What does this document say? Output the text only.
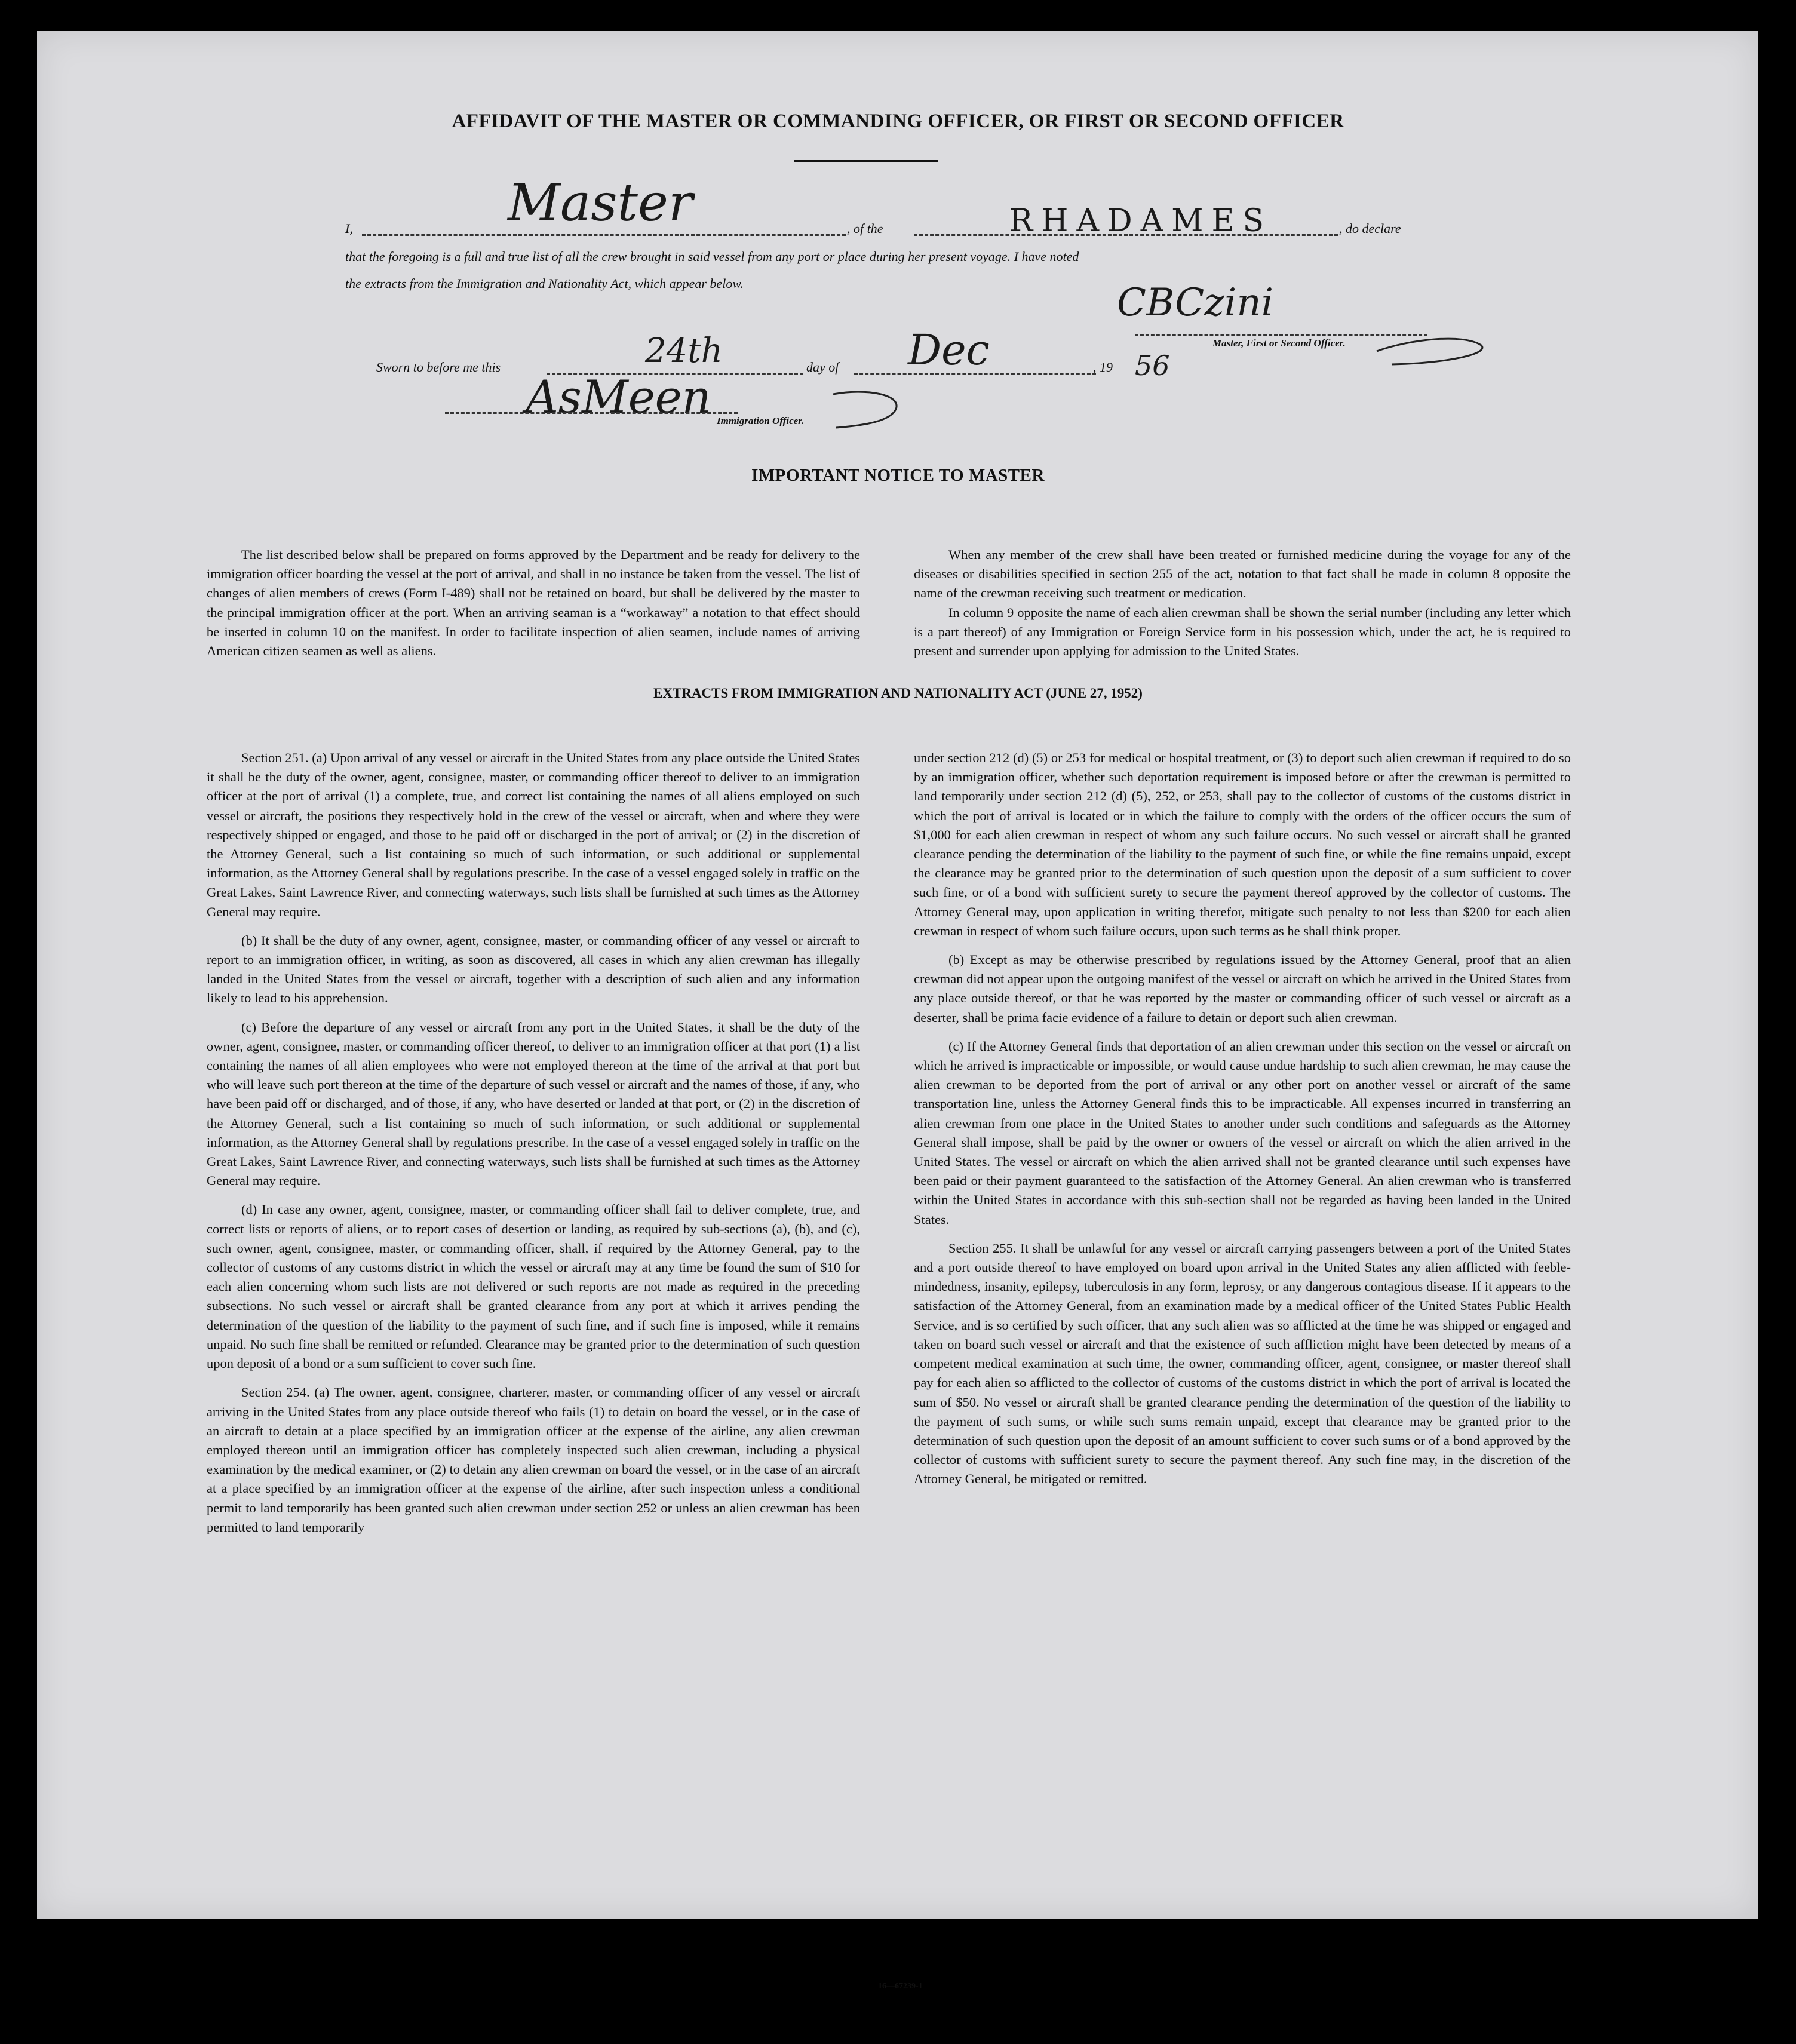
AFFIDAVIT OF THE MASTER OR COMMANDING OFFICER, OR FIRST OR SECOND OFFICER
I,	Master	, of the	RHADAMES	, do declare
that the foregoing is a full and true list of all the crew brought in said vessel from any port or place during her present voyage. I have noted
the extracts from the Immigration and Nationality Act, which appear below.	CBCzini
Master, First or Second Officer.
Sworn to before me this	24th	day of Dec	, 19 56
AsMeen Immigration Officer.
IMPORTANT NOTICE TO MASTER

The list described below shall be prepared on forms approved by the Department and be ready for delivery to the immigration officer boarding the vessel at the port of arrival, and shall in no instance be taken from the vessel. The list of changes of alien members of crews (Form I-489) shall not be retained on board, but shall be delivered by the master to the principal immigration officer at the port. When an arriving seaman is a “workaway” a notation to that effect should be inserted in column 10 on the manifest. In order to facilitate inspection of alien seamen, include names of arriving American citizen seamen as well as aliens.

When any member of the crew shall have been treated or furnished medicine during the voyage for any of the diseases or disabilities specified in section 255 of the act, notation to that fact shall be made in column 8 opposite the name of the crewman receiving such treatment or medication.

In column 9 opposite the name of each alien crewman shall be shown the serial number (including any letter which is a part thereof) of any Immigration or Foreign Service form in his possession which, under the act, he is required to present and surrender upon applying for admission to the United States.

EXTRACTS FROM IMMIGRATION AND NATIONALITY ACT (JUNE 27, 1952)

Section 251. (a) Upon arrival of any vessel or aircraft in the United States from any place outside the United States it shall be the duty of the owner, agent, consignee, master, or commanding officer thereof to deliver to an immigration officer at the port of arrival (1) a complete, true, and correct list containing the names of all aliens employed on such vessel or aircraft, the positions they respectively hold in the crew of the vessel or aircraft, when and where they were respectively shipped or engaged, and those to be paid off or discharged in the port of arrival; or (2) in the discretion of the Attorney General, such a list containing so much of such information, or such additional or supplemental information, as the Attorney General shall by regulations prescribe. In the case of a vessel engaged solely in traffic on the Great Lakes, Saint Lawrence River, and connecting waterways, such lists shall be furnished at such times as the Attorney General may require.

(b) It shall be the duty of any owner, agent, consignee, master, or commanding officer of any vessel or aircraft to report to an immigration officer, in writing, as soon as discovered, all cases in which any alien crewman has illegally landed in the United States from the vessel or aircraft, together with a description of such alien and any information likely to lead to his apprehension.

(c) Before the departure of any vessel or aircraft from any port in the United States, it shall be the duty of the owner, agent, consignee, master, or commanding officer thereof, to deliver to an immigration officer at that port (1) a list containing the names of all alien employees who were not employed thereon at the time of the arrival at that port but who will leave such port thereon at the time of the departure of such vessel or aircraft and the names of those, if any, who have been paid off or discharged, and of those, if any, who have deserted or landed at that port, or (2) in the discretion of the Attorney General, such a list containing so much of such information, or such additional or supplemental information, as the Attorney General shall by regulations prescribe. In the case of a vessel engaged solely in traffic on the Great Lakes, Saint Lawrence River, and connecting waterways, such lists shall be furnished at such times as the Attorney General may require.

(d) In case any owner, agent, consignee, master, or commanding officer shall fail to deliver complete, true, and correct lists or reports of aliens, or to report cases of desertion or landing, as required by sub-sections (a), (b), and (c), such owner, agent, consignee, master, or commanding officer, shall, if required by the Attorney General, pay to the collector of customs of any customs district in which the vessel or aircraft may at any time be found the sum of $10 for each alien concerning whom such lists are not delivered or such reports are not made as required in the preceding subsections. No such vessel or aircraft shall be granted clearance from any port at which it arrives pending the determination of the question of the liability to the payment of such fine, and if such fine is imposed, while it remains unpaid. No such fine shall be remitted or refunded. Clearance may be granted prior to the determination of such question upon deposit of a bond or a sum sufficient to cover such fine.

Section 254. (a) The owner, agent, consignee, charterer, master, or commanding officer of any vessel or aircraft arriving in the United States from any place outside thereof who fails (1) to detain on board the vessel, or in the case of an aircraft to detain at a place specified by an immigration officer at the expense of the airline, any alien crewman employed thereon until an immigration officer has completely inspected such alien crewman, including a physical examination by the medical examiner, or (2) to detain any alien crewman on board the vessel, or in the case of an aircraft at a place specified by an immigration officer at the expense of the airline, after such inspection unless a conditional permit to land temporarily has been granted such alien crewman under section 252 or unless an alien crewman has been permitted to land temporarily

under section 212 (d) (5) or 253 for medical or hospital treatment, or (3) to deport such alien crewman if required to do so by an immigration officer, whether such deportation requirement is imposed before or after the crewman is permitted to land temporarily under section 212 (d) (5), 252, or 253, shall pay to the collector of customs of the customs district in which the port of arrival is located or in which the failure to comply with the orders of the officer occurs the sum of $1,000 for each alien crewman in respect of whom any such failure occurs. No such vessel or aircraft shall be granted clearance pending the determination of the liability to the payment of such fine, or while the fine remains unpaid, except the clearance may be granted prior to the determination of such question upon the deposit of a sum sufficient to cover such fine, or of a bond with sufficient surety to secure the payment thereof approved by the collector of customs. The Attorney General may, upon application in writing therefor, mitigate such penalty to not less than $200 for each alien crewman in respect of whom such failure occurs, upon such terms as he shall think proper.

(b) Except as may be otherwise prescribed by regulations issued by the Attorney General, proof that an alien crewman did not appear upon the outgoing manifest of the vessel or aircraft on which he arrived in the United States from any place outside thereof, or that he was reported by the master or commanding officer of such vessel or aircraft as a deserter, shall be prima facie evidence of a failure to detain or deport such alien crewman.

(c) If the Attorney General finds that deportation of an alien crewman under this section on the vessel or aircraft on which he arrived is impracticable or impossible, or would cause undue hardship to such alien crewman, he may cause the alien crewman to be deported from the port of arrival or any other port on another vessel or aircraft of the same transportation line, unless the Attorney General finds this to be impracticable. All expenses incurred in transferring an alien crewman from one place in the United States to another under such conditions and safeguards as the Attorney General shall impose, shall be paid by the owner or owners of the vessel or aircraft on which the alien arrived in the United States. The vessel or aircraft on which the alien arrived shall not be granted clearance until such expenses have been paid or their payment guaranteed to the satisfaction of the Attorney General. An alien crewman who is transferred within the United States in accordance with this sub-section shall not be regarded as having been landed in the United States.

Section 255. It shall be unlawful for any vessel or aircraft carrying passengers between a port of the United States and a port outside thereof to have employed on board upon arrival in the United States any alien afflicted with feeble-mindedness, insanity, epilepsy, tuberculosis in any form, leprosy, or any dangerous contagious disease. If it appears to the satisfaction of the Attorney General, from an examination made by a medical officer of the United States Public Health Service, and is so certified by such officer, that any such alien was so afflicted at the time he was shipped or engaged and taken on board such vessel or aircraft and that the existence of such affliction might have been detected by means of a competent medical examination at such time, the owner, commanding officer, agent, consignee, or master thereof shall pay for each alien so afflicted to the collector of customs of the customs district in which the port of arrival is located the sum of $50. No vessel or aircraft shall be granted clearance pending the determination of the question of the liability to the payment of such sums, or while such sums remain unpaid, except that clearance may be granted prior to the determination of such question upon the deposit of an amount sufficient to cover such sums or of a bond approved by the collector of customs with sufficient surety to secure the payment thereof. Any such fine may, in the discretion of the Attorney General, be mitigated or remitted.

16—67239-1
